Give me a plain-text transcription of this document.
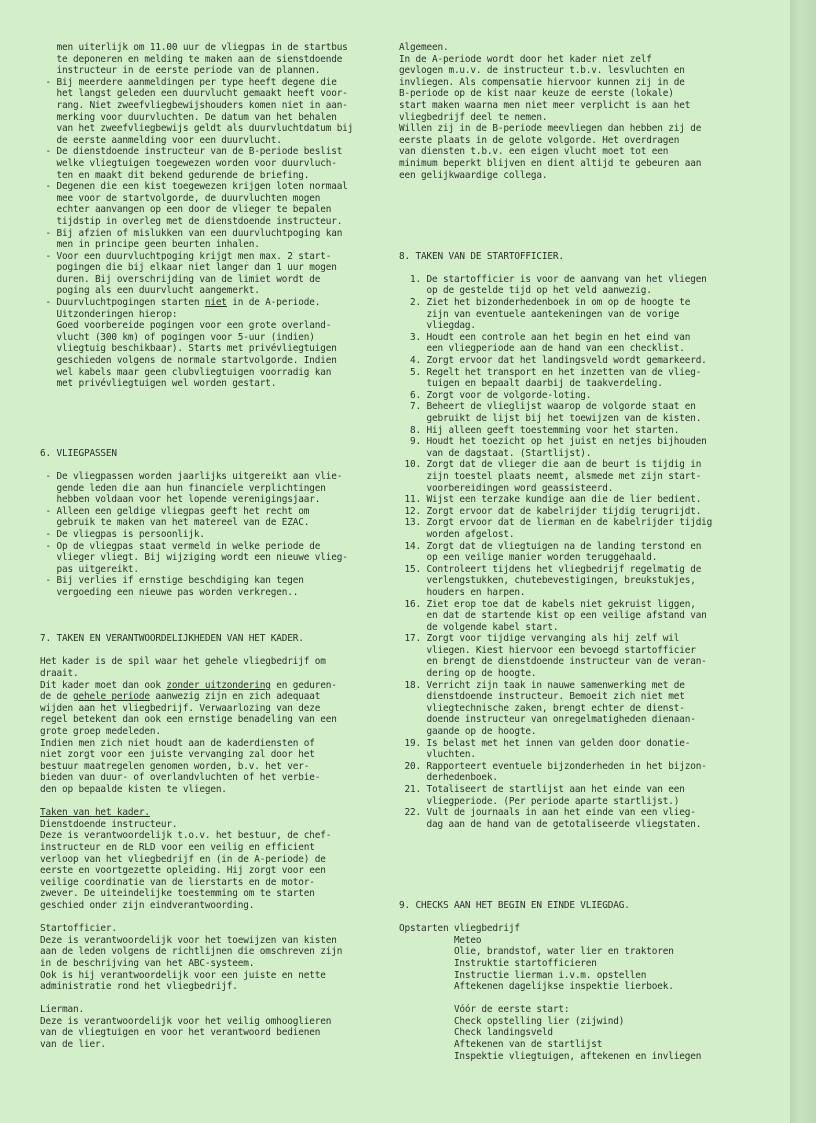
men uiterlijk om 11.00 uur de vliegpas in de startbus
te deponeren en melding te maken aan de sienstdoende
instructeur in de eerste periode van de plannen.
- Bij meerdere aanmeldingen per type heeft degene die
het langst geleden een duurvlucht gemaakt heeft voor-
rang. Niet zweefvliegbewijshouders komen niet in aan-
merking voor duurvluchten. De datum van het behalen
van het zweefvliegbewijs geldt als duurvluchtdatum bij
de eerste aanmelding voor een duurvlucht.
- De dienstdoende instructeur van de B-periode beslist
welke vliegtuigen toegewezen worden voor duurvluch-
ten en maakt dit bekend gedurende de briefing.
- Degenen die een kist toegewezen krijgen loten normaal
mee voor de startvolgorde, de duurvluchten mogen
echter aanvangen op een door de vlieger te bepalen
tijdstip in overleg met de dienstdoende instructeur.
- Bij afzien of mislukken van een duurvluchtpoging kan
men in principe geen beurten inhalen.
- Voor een duurvluchtpoging krijgt men max. 2 start-
pogingen die bij elkaar niet langer dan 1 uur mogen
duren. Bij overschrijding van de limiet wordt de
poging als een duurvlucht aangemerkt.
- Duurvluchtpogingen starten niet in de A-periode.
Uitzonderingen hierop:
Goed voorbereide pogingen voor een grote overland-
vlucht (300 km) of pogingen voor 5-uur (indien)
vliegtuig beschikbaar). Starts met privévliegtuigen
geschieden volgens de normale startvolgorde. Indien
wel kabels maar geen clubvliegtuigen voorradig kan
met privévliegtuigen wel worden gestart.

6. VLIEGPASSEN

- De vliegpassen worden jaarlijks uitgereikt aan vlie-
gende leden die aan hun financiele verplichtingen
hebben voldaan voor het lopende verenigingsjaar.
- Alleen een geldige vliegpas geeft het recht om
gebruik te maken van het matereel van de EZAC.
- De vliegpas is persoonlijk.
- Op de vliegpas staat vermeld in welke periode de
vlieger vliegt. Bij wijziging wordt een nieuwe vlieg-
pas uitgereikt.
- Bij verlies if ernstige beschdiging kan tegen
vergoeding een nieuwe pas worden verkregen..

7. TAKEN EN VERANTWOORDELIJKHEDEN VAN HET KADER.

Het kader is de spil waar het gehele vliegbedrijf om
draait.
Dit kader moet dan ook zonder uitzondering en geduren-
de de gehele periode aanwezig zijn en zich adequaat
wijden aan het vliegbedrijf. Verwaarlozing van deze
regel betekent dan ook een ernstige benadeling van een
grote groep medeleden.
Indien men zich niet houdt aan de kaderdiensten of
niet zorgt voor een juiste vervanging zal door het
bestuur maatregelen genomen worden, b.v. het ver-
bieden van duur- of overlandvluchten of het verbie-
den op bepaalde kisten te vliegen.

Taken van het kader.
Dienstdoende instructeur.
Deze is verantwoordelijk t.o.v. het bestuur, de chef-
instructeur en de RLD voor een veilig en efficient
verloop van het vliegbedrijf en (in de A-periode) de
eerste en voortgezette opleiding. Hij zorgt voor een
veilige coordinatie van de lierstarts en de motor-
zwever. De uiteindelijke toestemming om te starten
geschied onder zijn eindverantwoording.

Startofficier.
Deze is verantwoordelijk voor het toewijzen van kisten
aan de leden volgens de richtlijnen die omschreven zijn
in de beschrijving van het ABC-systeem.
Ook is hij verantwoordelijk voor een juiste en nette
administratie rond het vliegbedrijf.

Lierman.
Deze is verantwoordelijk voor het veilig omhooglieren
van de vliegtuigen en voor het verantwoord bedienen
van de lier.
Algemeen.
In de A-periode wordt door het kader niet zelf
gevlogen m.u.v. de instructeur t.b.v. lesvluchten en
invliegen. Als compensatie hiervoor kunnen zij in de
B-periode op de kist naar keuze de eerste (lokale)
start maken waarna men niet meer verplicht is aan het
vliegbedrijf deel te nemen.
Willen zij in de B-periode meevliegen dan hebben zij de
eerste plaats in de gelote volgorde. Het overdragen
van diensten t.b.v. een eigen vlucht moet tot een
minimum beperkt blijven en dient altijd te gebeuren aan
een gelijkwaardige collega.

8. TAKEN VAN DE STARTOFFICIER.

1. De startofficier is voor de aanvang van het vliegen
op de gestelde tijd op het veld aanwezig.
2. Ziet het bizonderhedenboek in om op de hoogte te
zijn van eventuele aantekeningen van de vorige
vliegdag.
3. Houdt een controle aan het begin en het eind van
een vliegperiode aan de hand van een checklist.
4. Zorgt ervoor dat het landingsveld wordt gemarkeerd.
5. Regelt het transport en het inzetten van de vlieg-
tuigen en bepaalt daarbij de taakverdeling.
6. Zorgt voor de volgorde-loting.
7. Beheert de vlieglijst waarop de volgorde staat en
gebruikt de lijst bij het toewijzen van de kisten.
8. Hij alleen geeft toestemming voor het starten.
9. Houdt het toezicht op het juist en netjes bijhouden
van de dagstaat. (Startlijst).
10. Zorgt dat de vlieger die aan de beurt is tijdig in
zijn toestel plaats neemt, alsmede met zijn start-
voorbereidingen word geassisteerd.
11. Wijst een terzake kundige aan die de lier bedient.
12. Zorgt ervoor dat de kabelrijder tijdig terugrijdt.
13. Zorgt ervoor dat de lierman en de kabelrijder tijdig
worden afgelost.
14. Zorgt dat de vliegtuigen na de landing terstond en
op een veilige manier worden teruggehaald.
15. Controleert tijdens het vliegbedrijf regelmatig de
verlengstukken, chutebevestigingen, breukstukjes,
houders en harpen.
16. Ziet erop toe dat de kabels niet gekruist liggen,
en dat de startende kist op een veilige afstand van
de volgende kabel start.
17. Zorgt voor tijdige vervanging als hij zelf wil
vliegen. Kiest hiervoor een bevoegd startofficier
en brengt de dienstdoende instructeur van de veran-
dering op de hoogte.
18. Verricht zijn taak in nauwe samenwerking met de
dienstdoende instructeur. Bemoeit zich niet met
vliegtechnische zaken, brengt echter de dienst-
doende instructeur van onregelmatigheden dienaan-
gaande op de hoogte.
19. Is belast met het innen van gelden door donatie-
vluchten.
20. Rapporteert eventuele bijzonderheden in het bijzon-
derhedenboek.
21. Totaliseert de startlijst aan het einde van een
vliegperiode. (Per periode aparte startlijst.)
22. Vult de journaals in aan het einde van een vlieg-
dag aan de hand van de getotaliseerde vliegstaten.

9. CHECKS AAN HET BEGIN EN EINDE VLIEGDAG.

Opstarten vliegbedrijf
Meteo
Olie, brandstof, water lier en traktoren
Instruktie startofficieren
Instructie lierman i.v.m. opstellen
Aftekenen dagelijkse inspektie lierboek.

Vóór de eerste start:
Check opstelling lier (zijwind)
Check landingsveld
Aftekenen van de startlijst
Inspektie vliegtuigen, aftekenen en invliegen
